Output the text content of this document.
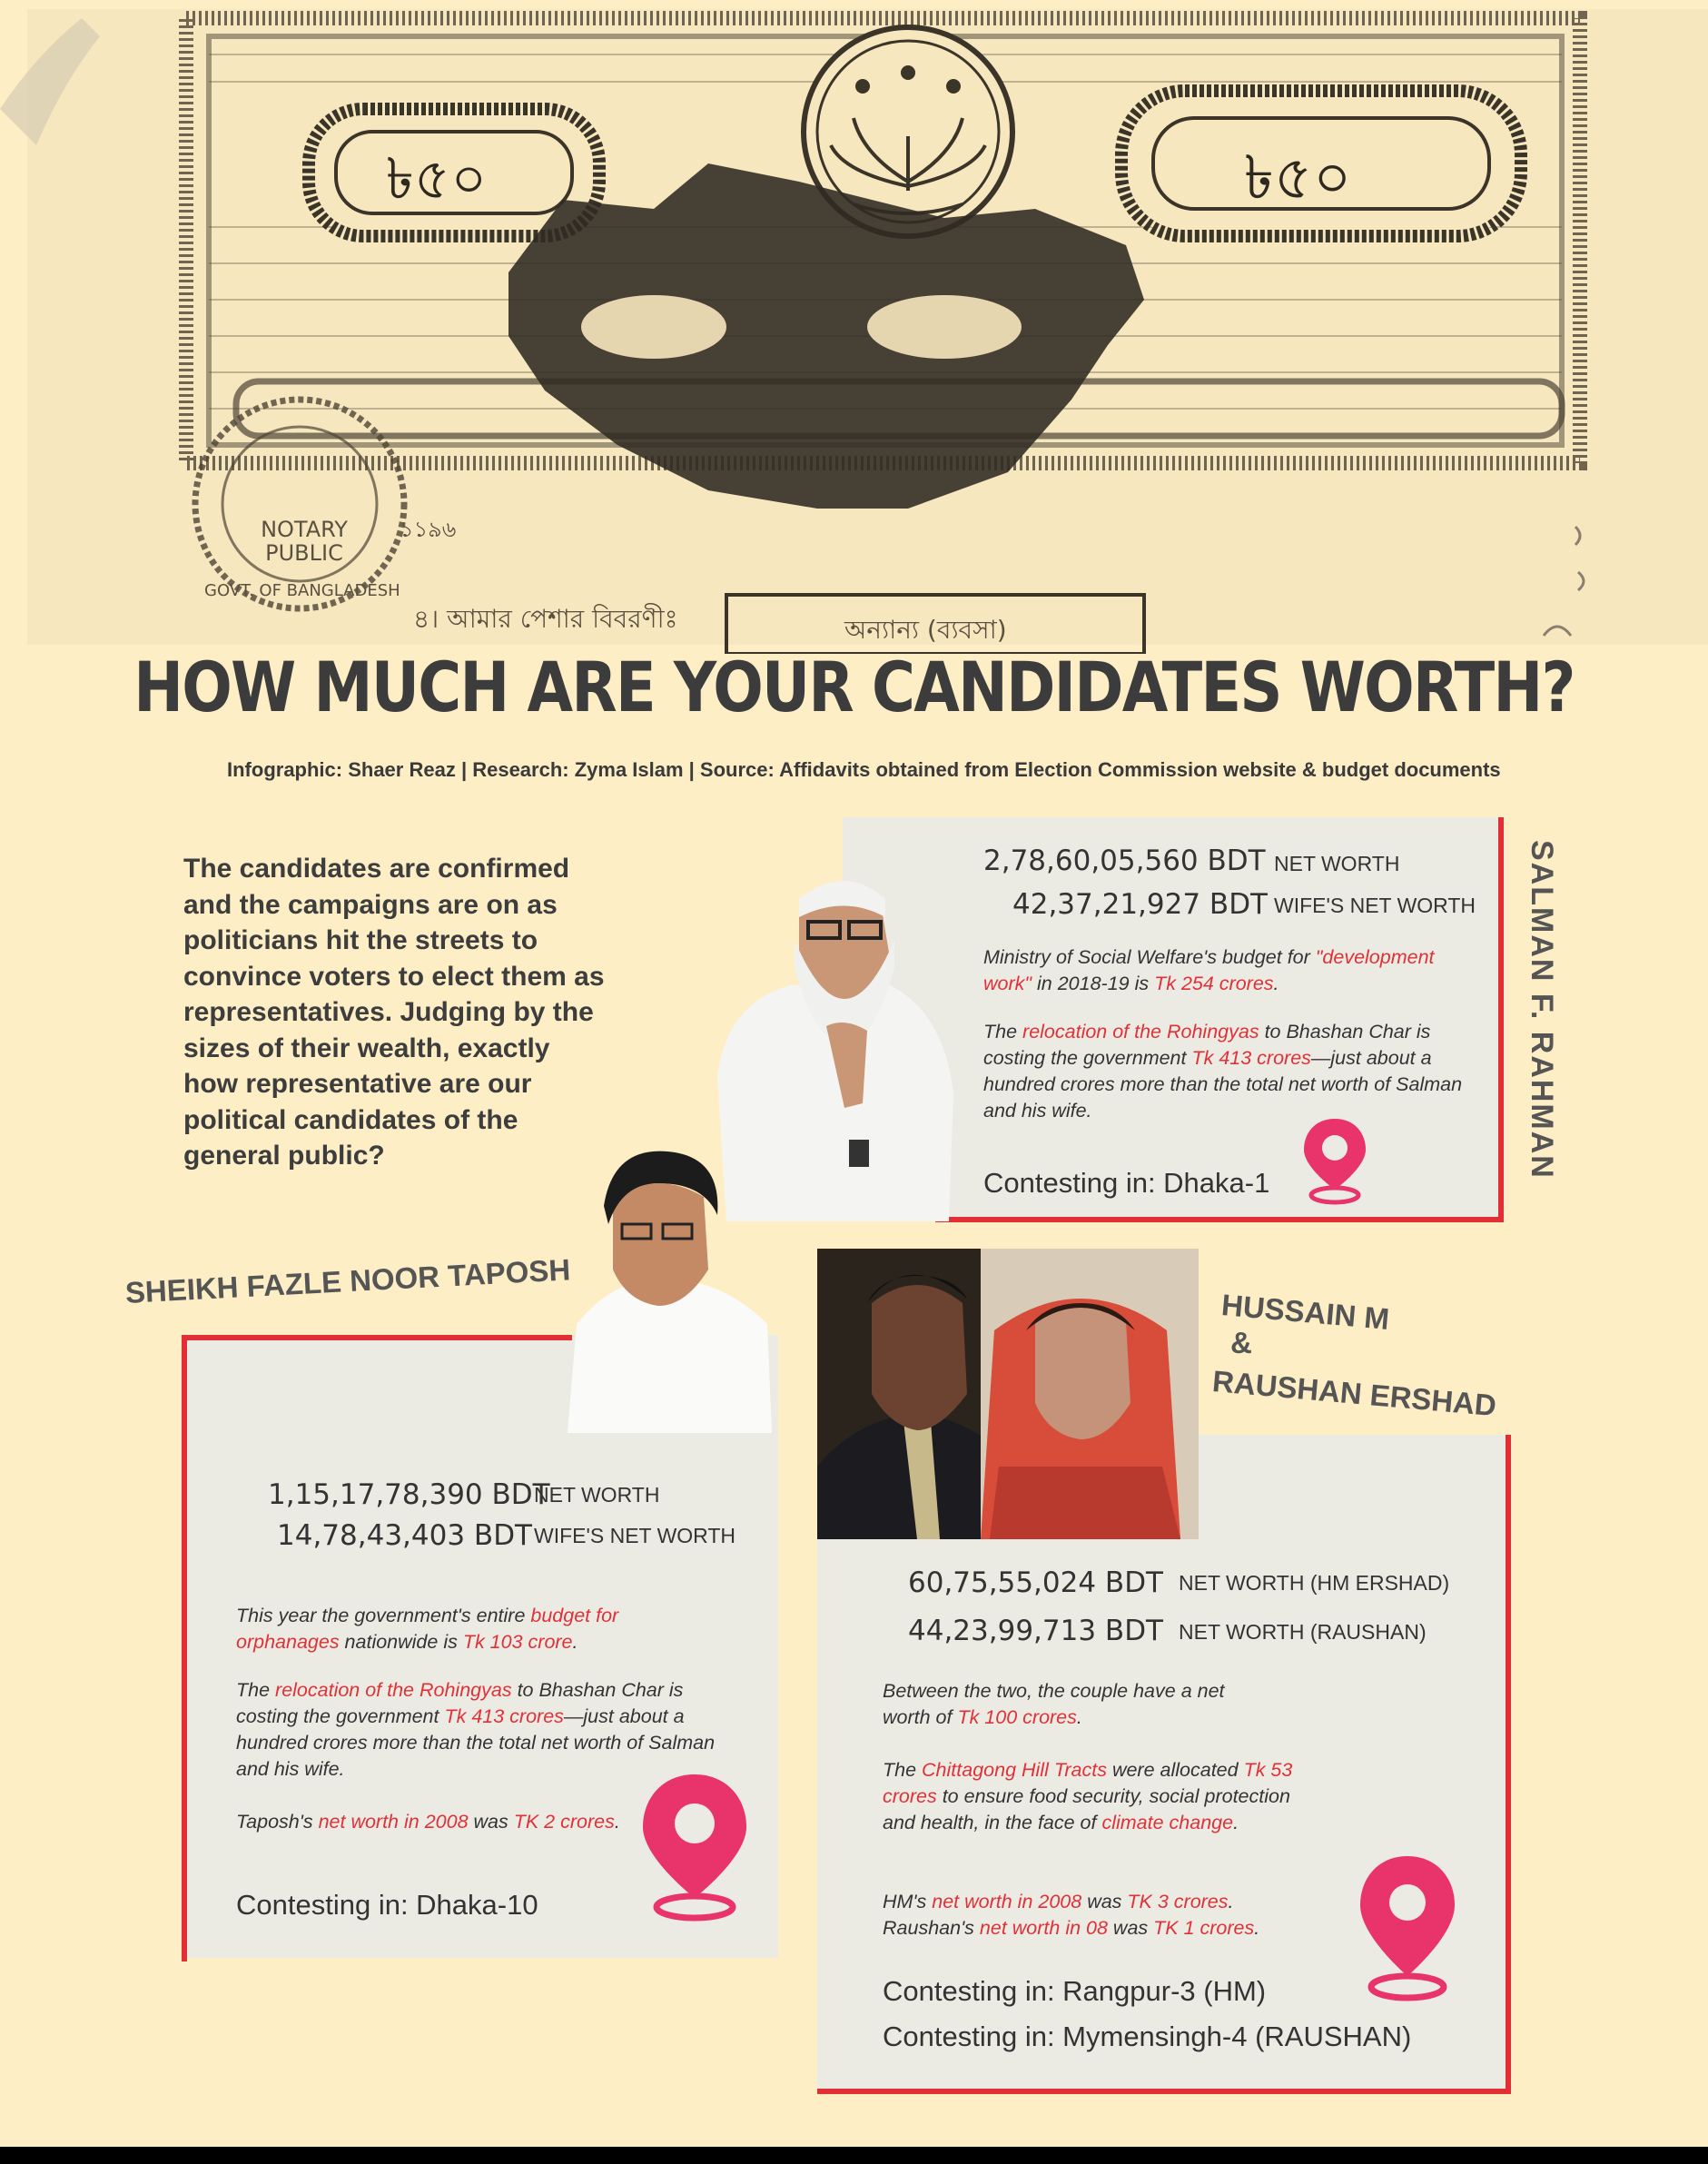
৳৫০	৳৫০
NOTARY PUBLIC
GOVT. OF BANGLADESH
১১৯৬
৪। আমার পেশার বিবরণীঃ	অন্যান্য (ব্যবসা)
HOW MUCH ARE YOUR CANDIDATES WORTH?
Infographic: Shaer Reaz | Research: Zyma Islam | Source: Affidavits obtained from Election Commission website & budget documents
The candidates are confirmed and the campaigns are on as politicians hit the streets to convince voters to elect them as representatives. Judging by the sizes of their wealth, exactly how representative are our political candidates of the general public?
2,78,60,05,560 BDT NET WORTH
42,37,21,927 BDT WIFE'S NET WORTH
Ministry of Social Welfare's budget for "development work" in 2018-19 is Tk 254 crores.
The relocation of the Rohingyas to Bhashan Char is costing the government Tk 413 crores—just about a hundred crores more than the total net worth of Salman and his wife.
Contesting in: Dhaka-1
SALMAN F. RAHMAN
SHEIKH FAZLE NOOR TAPOSH
1,15,17,78,390 BDT
NET WORTH
14,78,43,403 BDT WIFE'S NET WORTH
This year the government's entire budget for orphanages nationwide is Tk 103 crore.
The relocation of the Rohingyas to Bhashan Char is costing the government Tk 413 crores—just about a hundred crores more than the total net worth of Salman and his wife.
Taposh's net worth in 2008 was TK 2 crores.
Contesting in: Dhaka-10
HUSSAIN M
&
RAUSHAN ERSHAD
60,75,55,024 BDT NET WORTH (HM ERSHAD)
44,23,99,713 BDT NET WORTH (RAUSHAN)
Between the two, the couple have a net worth of Tk 100 crores.
The Chittagong Hill Tracts were allocated Tk 53 crores to ensure food security, social protection and health, in the face of climate change.
HM's net worth in 2008 was TK 3 crores.
Raushan's net worth in 08 was TK 1 crores.
Contesting in: Rangpur-3 (HM)
Contesting in: Mymensingh-4 (RAUSHAN)
